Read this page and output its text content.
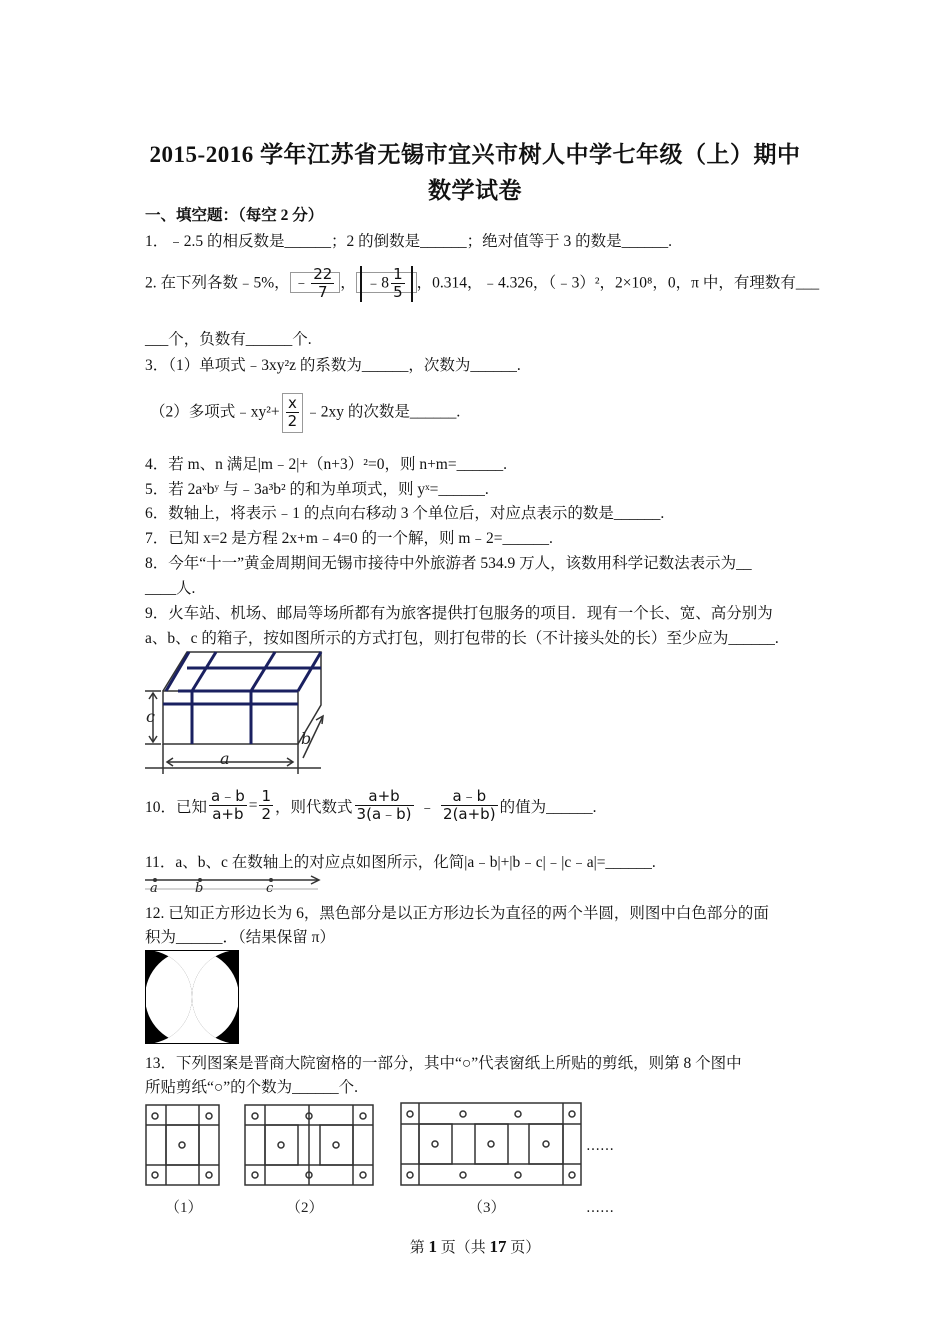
2015-2016 学年江苏省无锡市宜兴市树人中学七年级（上）期中
数学试卷
一、填空题：（每空 2 分）
1．﹣2.5 的相反数是______；2 的倒数是______；绝对值等于 3 的数是______.
2. 在下列各数﹣5%， ﹣ $\frac{22}{7}$ ， ﹣8 $\frac{1}{5}$ ，0.314，﹣4.326，（﹣3）²，2×10⁸，0，π 中，有理数有___
___个，负数有______个.
3．（1）单项式﹣3xy²z 的系数为______，次数为______.
（2）多项式﹣xy²+ $\frac{x}{2}$ ﹣2xy 的次数是______.
4．若 m、n 满足|m﹣2|+（n+3）²=0，则 n+m=______.
5．若 2aˣbʸ 与﹣3a³b² 的和为单项式，则 yˣ=______.
6．数轴上，将表示﹣1 的点向右移动 3 个单位后，对应点表示的数是______.
7．已知 x=2 是方程 2x+m﹣4=0 的一个解，则 m﹣2=______.
8．今年“十一”黄金周期间无锡市接待中外旅游者 534.9 万人，该数用科学记数法表示为__
____人.
9．火车站、机场、邮局等场所都有为旅客提供打包服务的项目．现有一个长、宽、高分别为
a、b、c 的箱子，按如图所示的方式打包，则打包带的长（不计接头处的长）至少应为______.
a
c
b
10．已知 $\frac{a﹣b}{a+b} = \frac{1}{2}$ ，则代数式 $\frac{a+b}{3(a﹣b)}$ ﹣ $\frac{a﹣b}{2(a+b)}$ 的值为______.
11．a、b、c 在数轴上的对应点如图所示，化简|a﹣b|+|b﹣c|﹣|c﹣a|=______.
a	b	c
12. 已知正方形边长为 6，黑色部分是以正方形边长为直径的两个半圆，则图中白色部分的面
积为______．（结果保留 π）
13．下列图案是晋商大院窗格的一部分，其中“○”代表窗纸上所贴的剪纸，则第 8 个图中
所贴剪纸“○”的个数为______个.
……
……
（1）	（2）	（3）
第 1 页（共 17 页）
